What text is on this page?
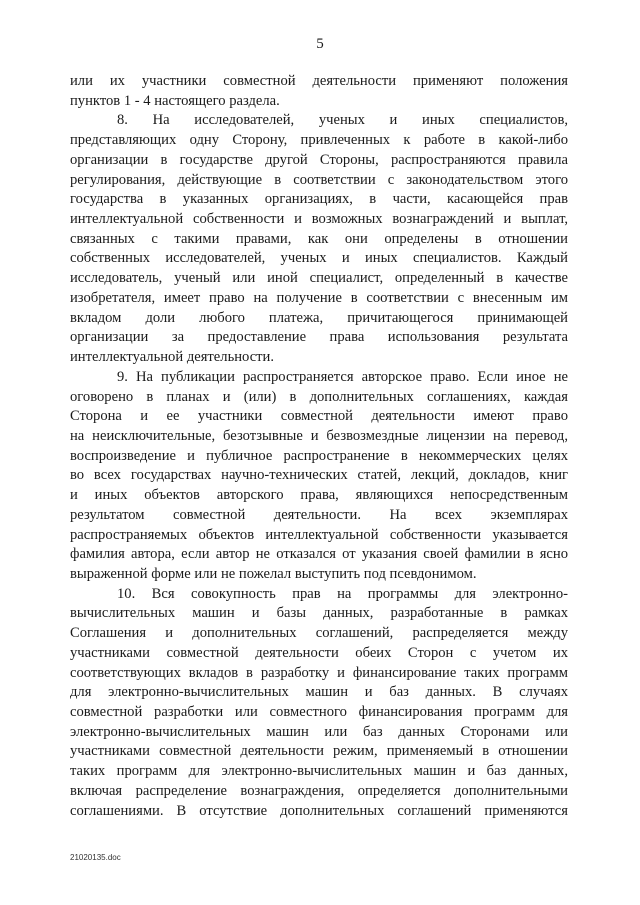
5
или их участники совместной деятельности применяют положения
пунктов 1 - 4 настоящего раздела.
8. На исследователей, ученых и иных специалистов,
представляющих одну Сторону, привлеченных к работе в какой-либо
организации в государстве другой Стороны, распространяются правила
регулирования, действующие в соответствии с законодательством этого
государства в указанных организациях, в части, касающейся прав
интеллектуальной собственности и возможных вознаграждений и выплат,
связанных с такими правами, как они определены в отношении
собственных исследователей, ученых и иных специалистов. Каждый
исследователь, ученый или иной специалист, определенный в качестве
изобретателя, имеет право на получение в соответствии с внесенным им
вкладом доли любого платежа, причитающегося принимающей
организации за предоставление права использования результата
интеллектуальной деятельности.
9. На публикации распространяется авторское право. Если иное не
оговорено в планах и (или) в дополнительных соглашениях, каждая
Сторона и ее участники совместной деятельности имеют право
на неисключительные, безотзывные и безвозмездные лицензии на перевод,
воспроизведение и публичное распространение в некоммерческих целях
во всех государствах научно-технических статей, лекций, докладов, книг
и иных объектов авторского права, являющихся непосредственным
результатом совместной деятельности. На всех экземплярах
распространяемых объектов интеллектуальной собственности указывается
фамилия автора, если автор не отказался от указания своей фамилии в ясно
выраженной форме или не пожелал выступить под псевдонимом.
10. Вся совокупность прав на программы для электронно-
вычислительных машин и базы данных, разработанные в рамках
Соглашения и дополнительных соглашений, распределяется между
участниками совместной деятельности обеих Сторон с учетом их
соответствующих вкладов в разработку и финансирование таких программ
для электронно-вычислительных машин и баз данных. В случаях
совместной разработки или совместного финансирования программ для
электронно-вычислительных машин или баз данных Сторонами или
участниками совместной деятельности режим, применяемый в отношении
таких программ для электронно-вычислительных машин и баз данных,
включая распределение вознаграждения, определяется дополнительными
соглашениями. В отсутствие дополнительных соглашений применяются
21020135.doc
